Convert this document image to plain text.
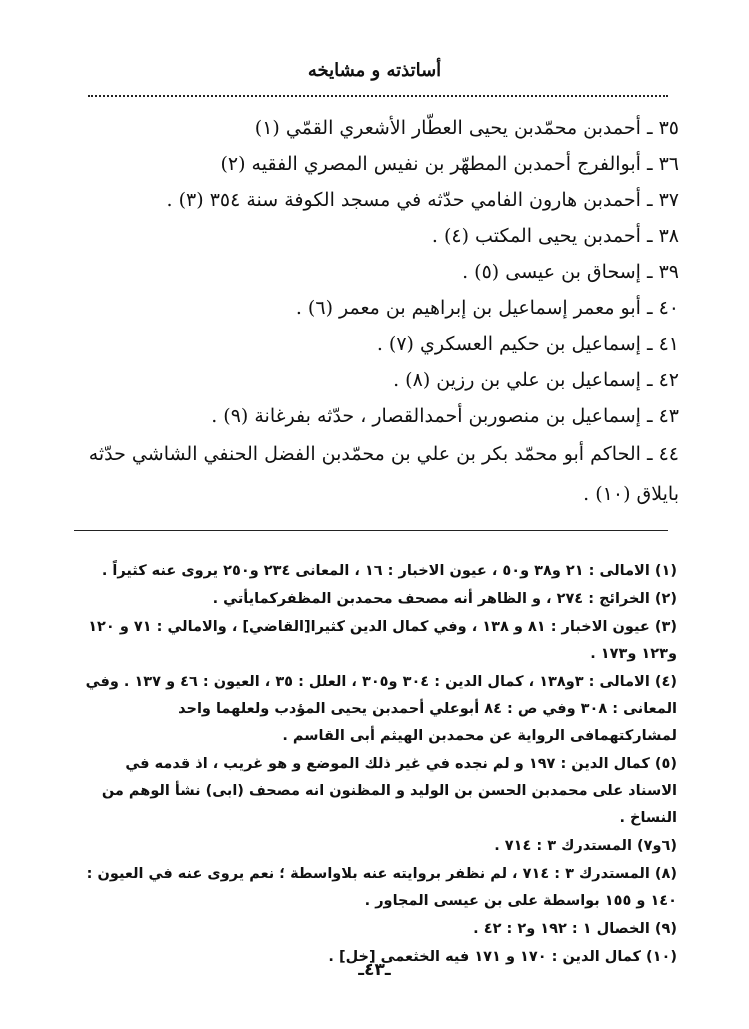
أساتذته و مشايخه
٣٥ ـ أحمدبن محمّدبن يحيى العطّار الأشعري القمّي (١)
٣٦ ـ أبوالفرج أحمدبن المطهّر بن نفيس المصري الفقيه (٢)
٣٧ ـ أحمدبن هارون الفامي حدّثه في مسجد الكوفة سنة ٣٥٤ (٣) .
٣٨ ـ أحمدبن يحيى المكتب (٤) .
٣٩ ـ إسحاق بن عيسى (٥) .
٤٠ ـ أبو معمر إسماعيل بن إبراهيم بن معمر (٦) .
٤١ ـ إسماعيل بن حكيم العسكري (٧) .
٤٢ ـ إسماعيل بن علي بن رزين (٨) .
٤٣ ـ إسماعيل بن منصوربن أحمدالقصار ، حدّثه بفرغانة (٩) .
٤٤ ـ الحاكم أبو محمّد بكر بن علي بن محمّدبن الفضل الحنفي الشاشي حدّثه بايلاق (١٠) .
(١) الامالى : ٢١ و٣٨ و٥٠ ، عيون الاخبار : ١٦ ، المعانى ٢٣٤ و٢٥٠ يروى عنه كثيراً .
(٢) الخرائج : ٢٧٤ ، و الظاهر أنه مصحف محمدبن المظفركمايأتي .
(٣) عيون الاخبار : ٨١ و ١٣٨ ، وفي كمال الدين كثيرا[القاضي] ، والامالي : ٧١ و ١٢٠ و١٢٣ و١٧٣ .
(٤) الامالى : ٣و١٣٨ ، كمال الدين : ٣٠٤ و٣٠٥ ، العلل : ٣٥ ، العيون : ٤٦ و ١٣٧ . وفي المعانى : ٣٠٨ وفي ص : ٨٤ أبوعلي أحمدبن يحيى المؤدب ولعلهما واحد لمشاركتهمافى الرواية عن محمدبن الهيثم أبى القاسم .
(٥) كمال الدين : ١٩٧ و لم نجده في غير ذلك الموضع و هو غريب ، اذ قدمه في الاسناد على محمدبن الحسن بن الوليد و المظنون انه مصحف (ابى) نشأ الوهم من النساخ .
(٦و٧) المستدرك ٣ : ٧١٤ .
(٨) المستدرك ٣ : ٧١٤ ، لم نظفر بروايته عنه بلاواسطة ؛ نعم يروى عنه في العيون : ١٤٠ و ١٥٥ بواسطة على بن عيسى المجاور .
(٩) الخصال ١ : ١٩٢ و٢ : ٤٢ .
(١٠) كمال الدين : ١٧٠ و ١٧١ فيه الخثعمى [خل] .
ـ٤٣ـ
